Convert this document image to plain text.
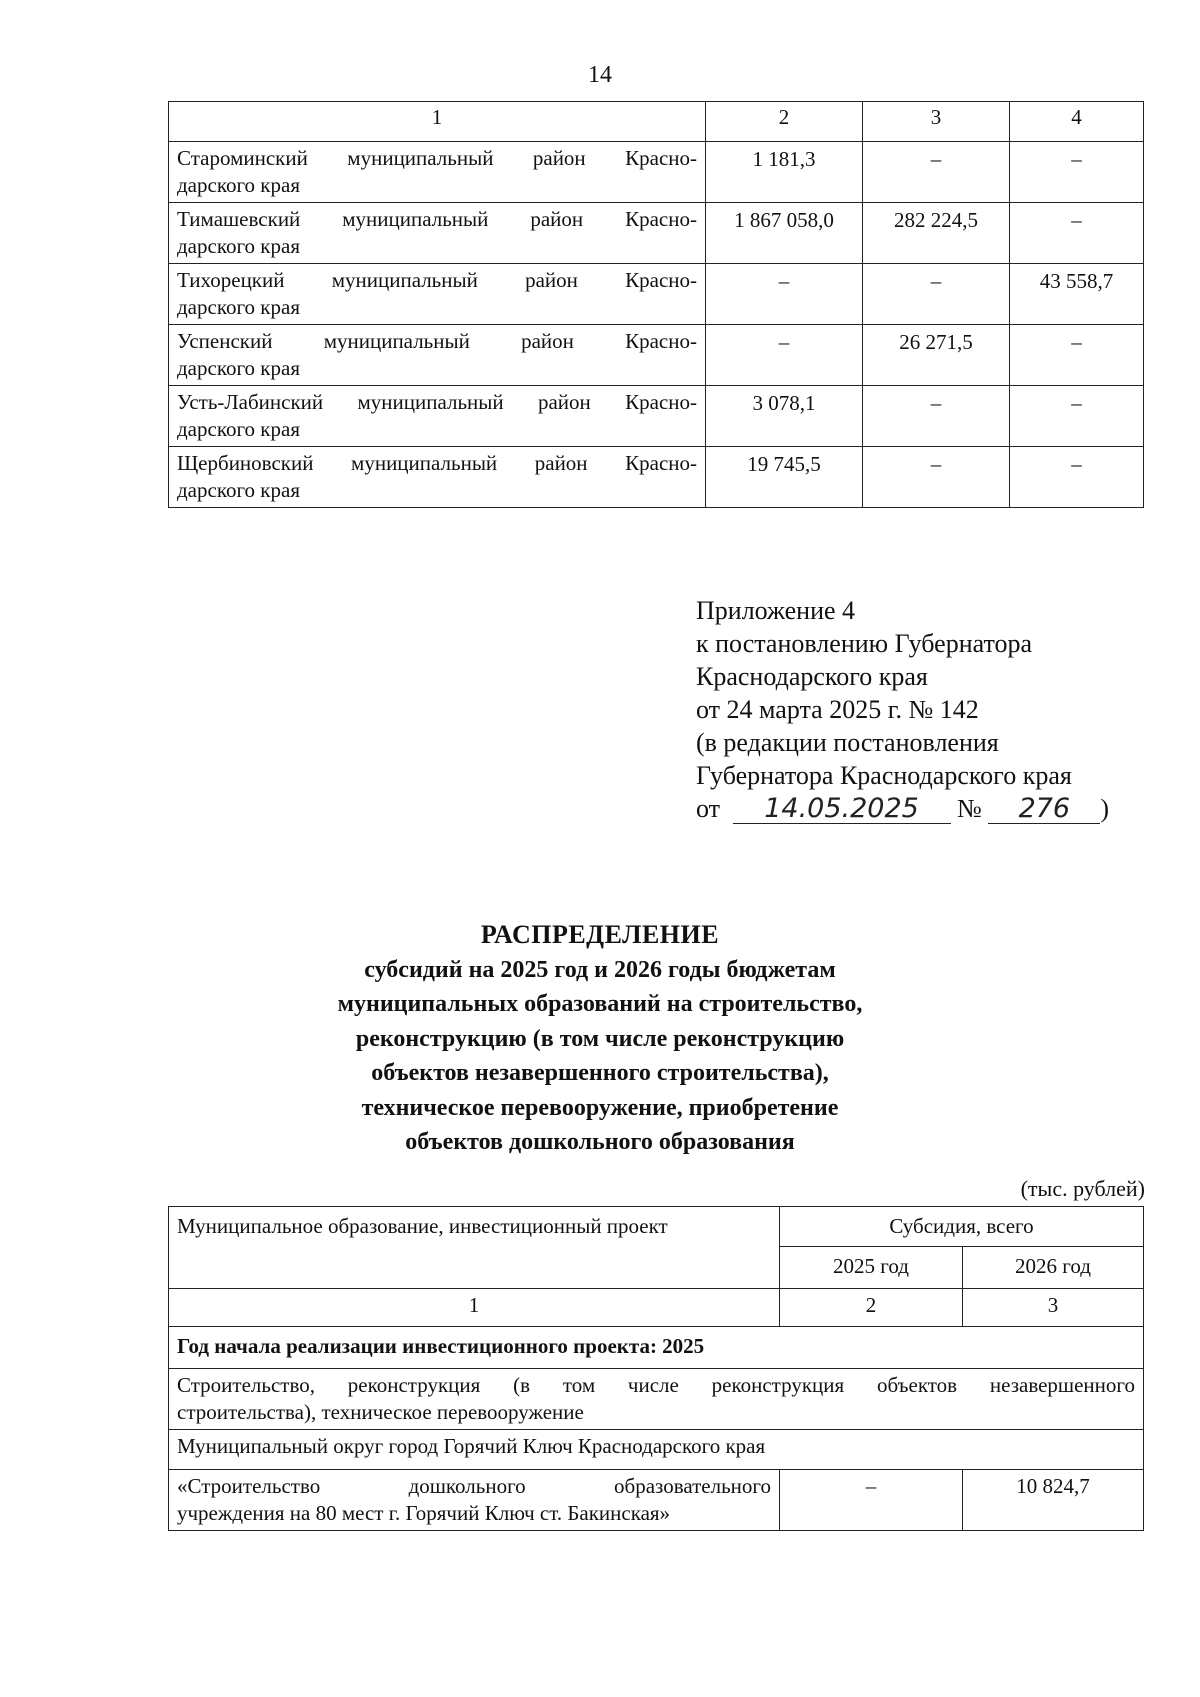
14
1	2	3	4

Староминский муниципальный район Красно-
дарского края	1 181,3	–	–

Тимашевский муниципальный район Красно-
дарского края	1 867 058,0	282 224,5	–

Тихорецкий муниципальный район Красно-
дарского края	–	–	43 558,7

Успенский муниципальный район Красно-
дарского края	–	26 271,5	–

Усть-Лабинский муниципальный район Красно-
дарского края	3 078,1	–	–

Щербиновский муниципальный район Красно-
дарского края	19 745,5	–	–
Приложение 4
к постановлению Губернатора
Краснодарского края
от 24 марта 2025 г. № 142
(в редакции постановления
Губернатора Краснодарского края
от 14.05.2025 № 276 )
РАСПРЕДЕЛЕНИЕ
субсидий на 2025 год и 2026 годы бюджетам
муниципальных образований на строительство,
реконструкцию (в том числе реконструкцию
объектов незавершенного строительства),
техническое перевооружение, приобретение
объектов дошкольного образования
(тыс. рублей)
Муниципальное образование, инвестиционный проект	Субсидия, всего	
	2025 год	2026 год
1	2	3
Год начала реализации инвестиционного проекта: 2025		

Строительство, реконструкция (в том числе реконструкция объектов незавершенного
строительства), техническое перевооружение		
Муниципальный округ город Горячий Ключ Краснодарского края		

«Строительство дошкольного образовательного
учреждения на 80 мест г. Горячий Ключ ст. Бакинская»	–	10 824,7
